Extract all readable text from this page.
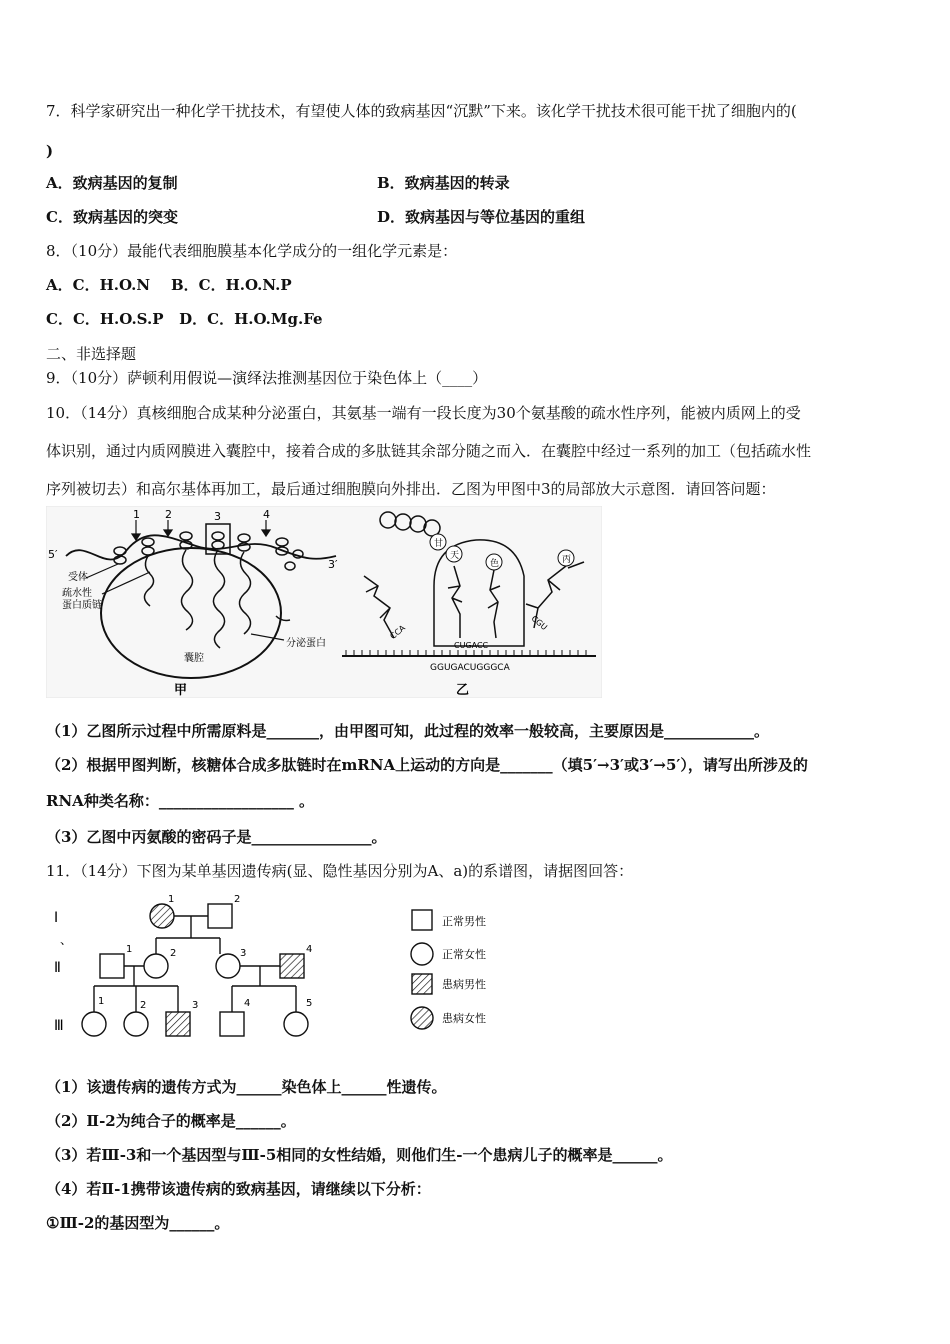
7．科学家研究出一种化学干扰技术，有望使人体的致病基因“沉默”下来。该化学干扰技术很可能干扰了细胞内的(
)
A．致病基因的复制	B．致病基因的转录
C．致病基因的突变	D．致病基因与等位基因的重组
8．（10分）最能代表细胞膜基本化学成分的一组化学元素是：
A．C．H.O.N    B．C．H.O.N.P
C．C．H.O.S.P   D．C．H.O.Mg.Fe
二、非选择题
9．（10分）萨顿利用假说—演绎法推测基因位于染色体上（____）
10．（14分）真核细胞合成某种分泌蛋白，其氨基一端有一段长度为30个氨基酸的疏水性序列，能被内质网上的受
体识别，通过内质网膜进入囊腔中，接着合成的多肽链其余部分随之而入．在囊腔中经过一系列的加工（包括疏水性
序列被切去）和高尔基体再加工，最后通过细胞膜向外排出．乙图为甲图中3的局部放大示意图．请回答问题：
1 2	3	4
5′
3′
受体
疏水性
蛋白质链
分泌蛋白
囊腔
甲
甘
天
色	丙
CCA
CUGACC
CGU
GGUGACUGGGCA
乙
（1）乙图所示过程中所需原料是_______，由甲图可知，此过程的效率一般较高，主要原因是____________。
（2）根据甲图判断，核糖体合成多肽链时在mRNA上运动的方向是_______（填5′→3′或3′→5′），请写出所涉及的
RNA种类名称：__________________ 。
（3）乙图中丙氨酸的密码子是________________。
11．（14分）下图为某单基因遗传病(显、隐性基因分别为A、a)的系谱图，请据图回答：
Ⅰ
、
Ⅱ
Ⅲ
1	2
1	2	3	4
1	2	3	4	5
正常男性
正常女性
患病男性
患病女性
（1）该遗传病的遗传方式为______染色体上______性遗传。
（2）Ⅱ-2为纯合子的概率是______。
（3）若Ⅲ-3和一个基因型与Ⅲ-5相同的女性结婚，则他们生-一个患病儿子的概率是______。
（4）若Ⅱ-1携带该遗传病的致病基因，请继续以下分析：
①Ⅲ-2的基因型为______。
